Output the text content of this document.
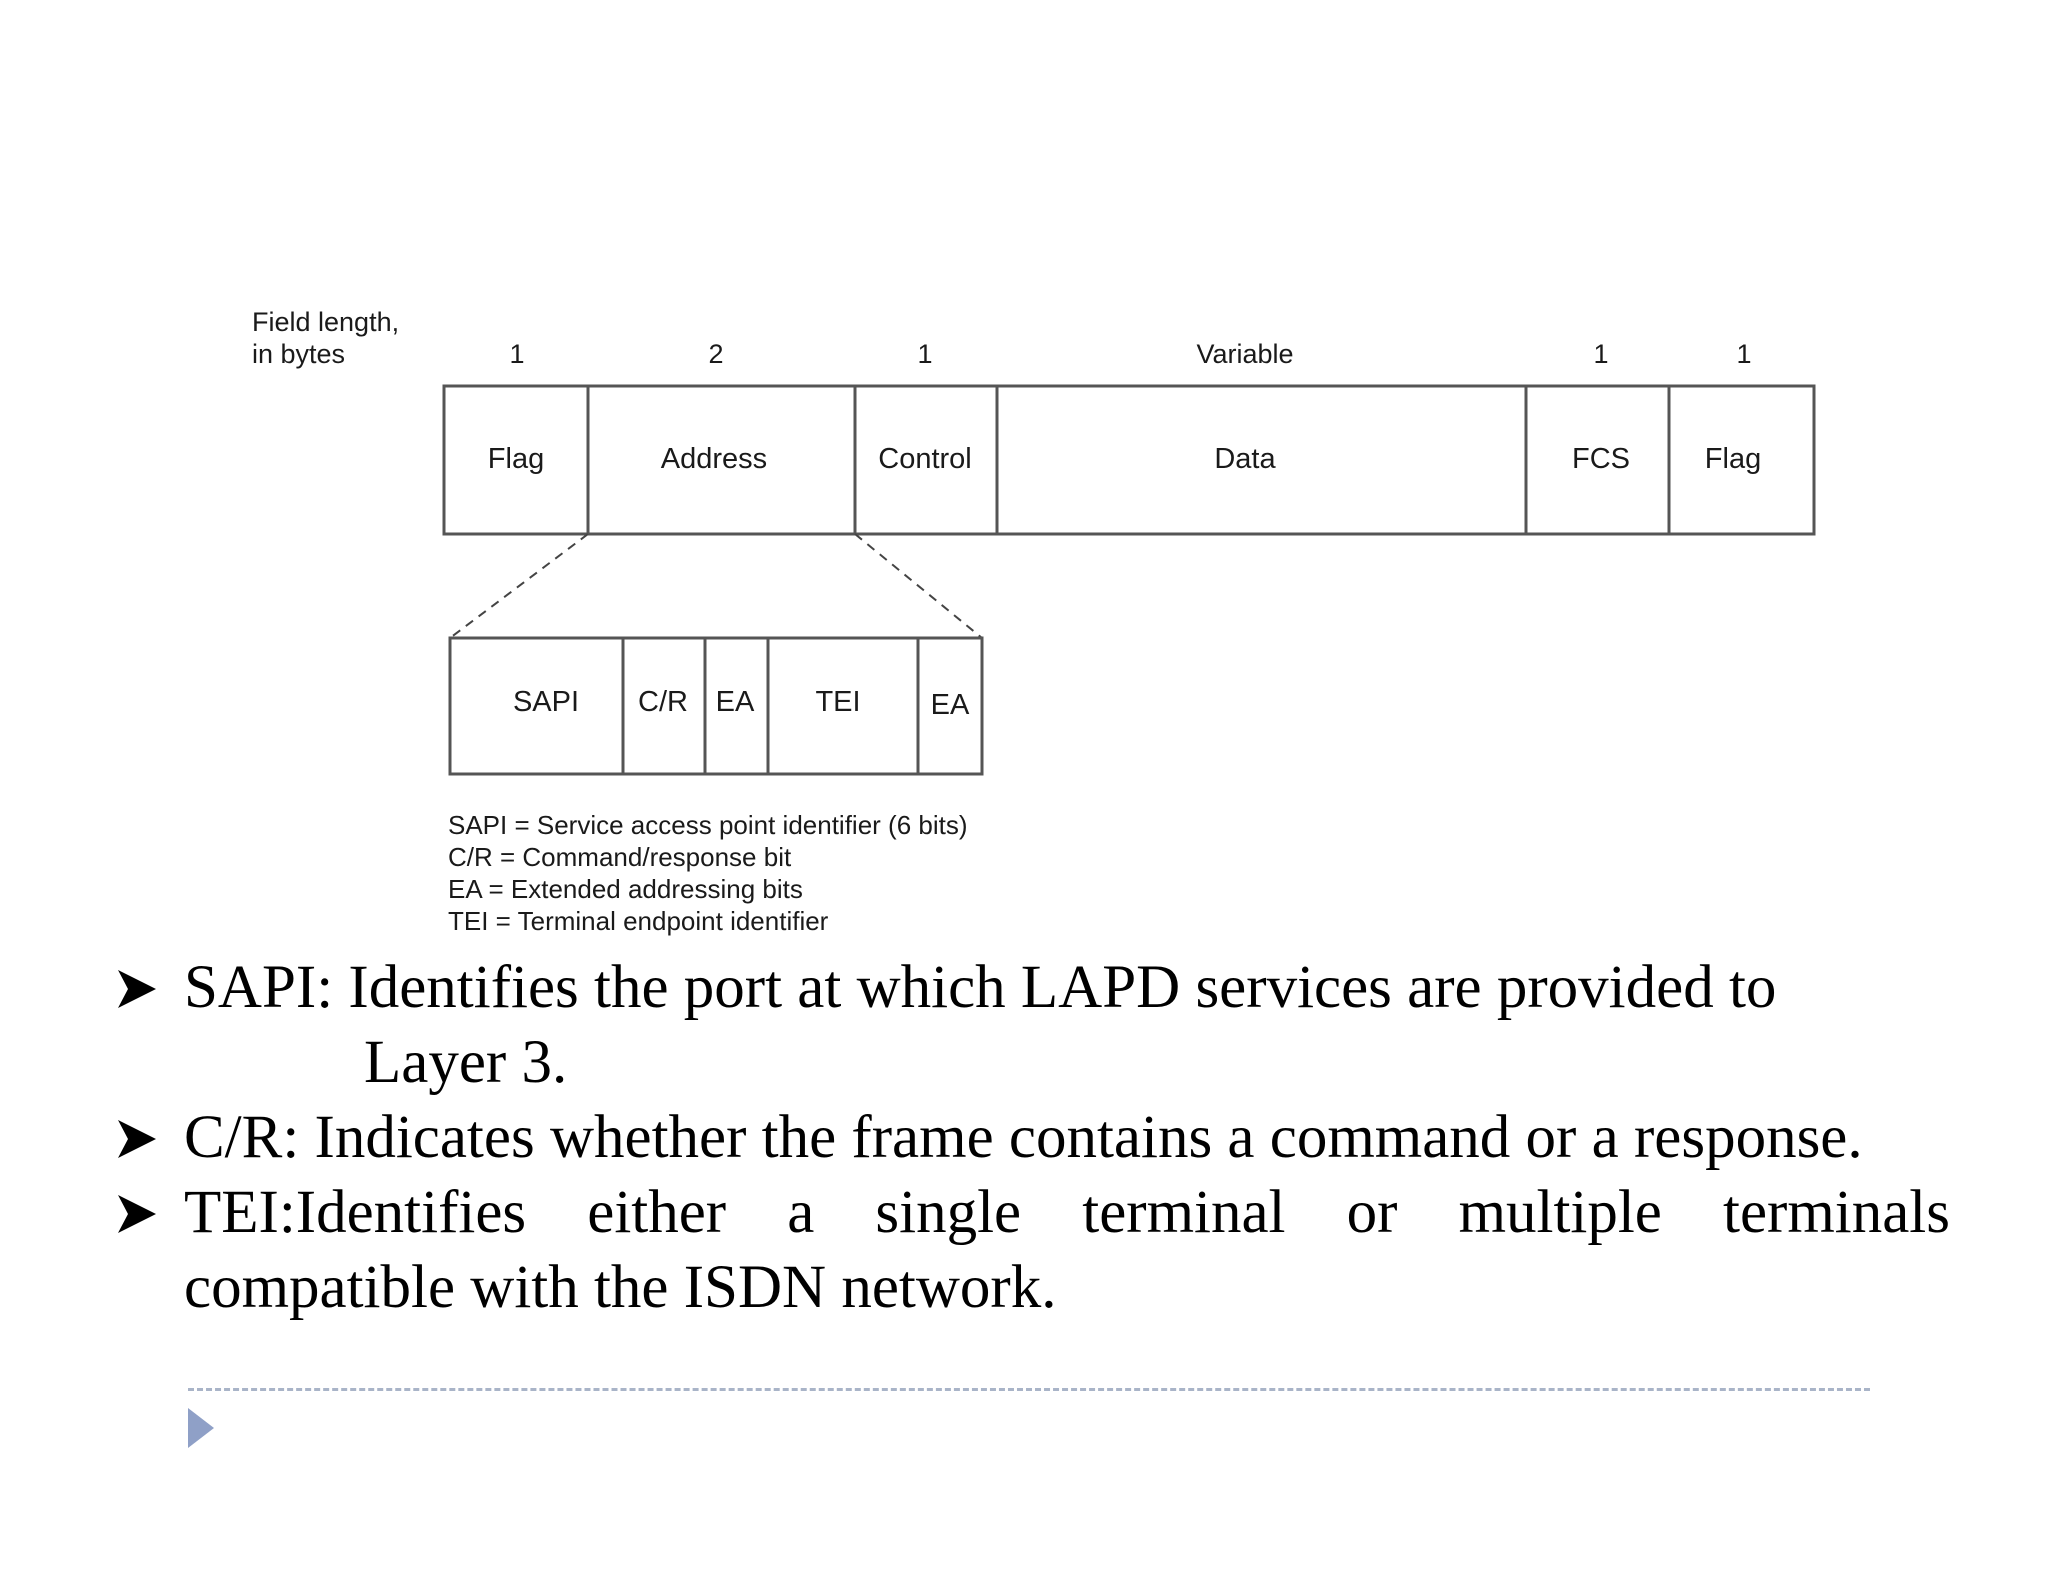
Field length,
in bytes	1	2	1	Variable	1	1
Flag	Address	Control	Data	FCS	Flag
SAPI C/R EA TEI EA
SAPI = Service access point identifier (6 bits)
C/R = Command/response bit
EA = Extended addressing bits
TEI = Terminal endpoint identifier
SAPI: Identifies the port at which LAPD services are provided to
Layer 3.
C/R: Indicates whether the frame contains a command or a response.
TEI:Identifies either a single terminal or multiple terminals
compatible with the ISDN network.
